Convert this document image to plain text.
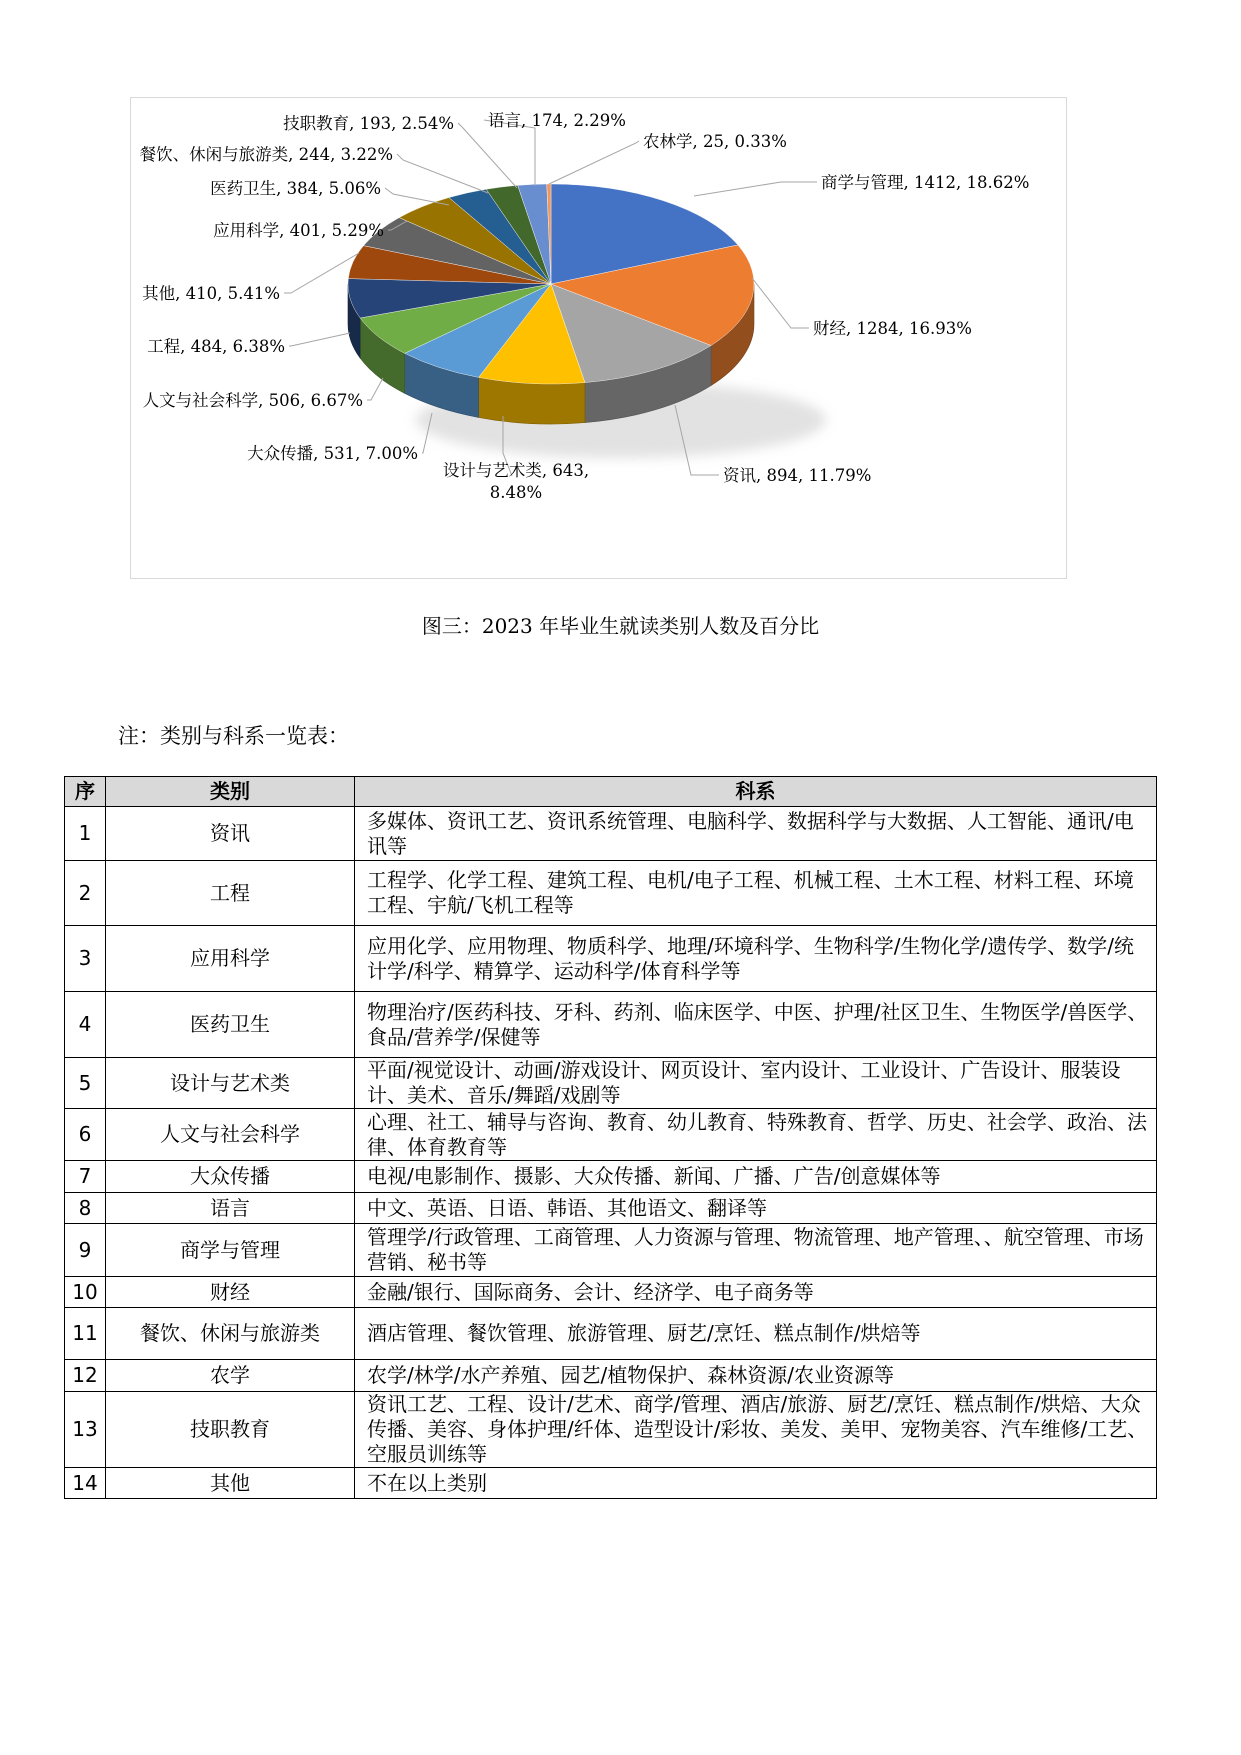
商学与管理, 1412, 18.62%
财经, 1284, 16.93%
资讯, 894, 11.79%
设计与艺术类, 643,
8.48%
大众传播, 531, 7.00%
人文与社会科学, 506, 6.67%
工程, 484, 6.38%
其他, 410, 5.41%
应用科学, 401, 5.29%
医药卫生, 384, 5.06%
餐饮、休闲与旅游类, 244, 3.22%
技职教育, 193, 2.54% 语言, 174, 2.29%
农林学, 25, 0.33%
图三：2023 年毕业生就读类别人数及百分比
注：类别与科系一览表：
序	类别	科系
1	资讯	多媒体、资讯工艺、资讯系统管理、电脑科学、数据科学与大数据、人工智能、通讯/电讯等
2	工程	工程学、化学工程、建筑工程、电机/电子工程、机械工程、土木工程、材料工程、环境工程、宇航/飞机工程等
3	应用科学	应用化学、应用物理、物质科学、地理/环境科学、生物科学/生物化学/遗传学、数学/统计学/科学、精算学、运动科学/体育科学等
4	医药卫生	物理治疗/医药科技、牙科、药剂、临床医学、中医、护理/社区卫生、生物医学/兽医学、食品/营养学/保健等
5	设计与艺术类	平面/视觉设计、动画/游戏设计、网页设计、室内设计、工业设计、广告设计、服装设计、美术、音乐/舞蹈/戏剧等
6	人文与社会科学	心理、社工、辅导与咨询、教育、幼儿教育、特殊教育、哲学、历史、社会学、政治、法律、体育教育等
7	大众传播	电视/电影制作、摄影、大众传播、新闻、广播、广告/创意媒体等
8	语言	中文、英语、日语、韩语、其他语文、翻译等
9	商学与管理	管理学/行政管理、工商管理、人力资源与管理、物流管理、地产管理、、航空管理、市场营销、秘书等
10	财经	金融/银行、国际商务、会计、经济学、电子商务等
11	餐饮、休闲与旅游类	酒店管理、餐饮管理、旅游管理、厨艺/烹饪、糕点制作/烘焙等
12	农学	农学/林学/水产养殖、园艺/植物保护、森林资源/农业资源等
13	技职教育	资讯工艺、工程、设计/艺术、商学/管理、酒店/旅游、厨艺/烹饪、糕点制作/烘焙、大众传播、美容、身体护理/纤体、造型设计/彩妆、美发、美甲、宠物美容、汽车维修/工艺、空服员训练等
14	其他	不在以上类别
